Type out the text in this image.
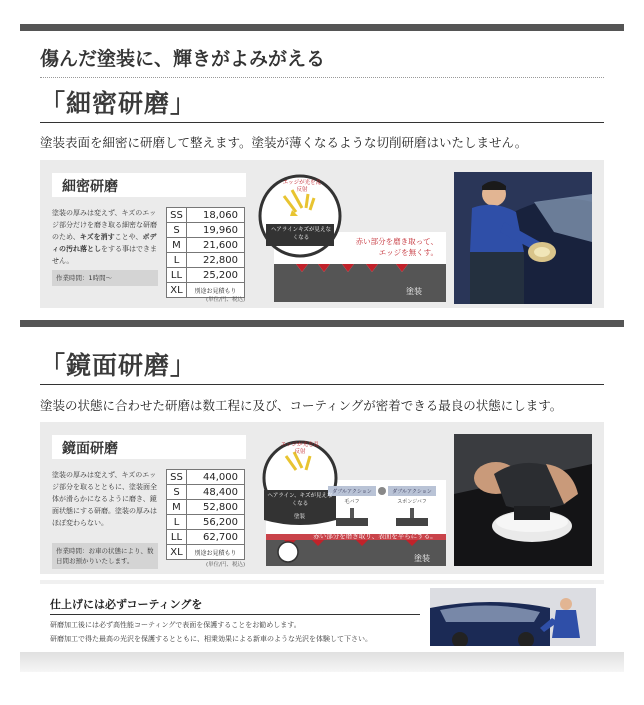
傷んだ塗装に、輝きがよみがえる
「細密研磨」
塗装表面を細密に研磨して整えます。塗装が薄くなるような切削研磨はいたしません。
細密研磨
塗装の厚みは変えず、キズのエッジ部分だけを磨き取る細密な研磨のため、キズを消すことや、ボディの汚れ落としをする事はできません。
作業時間：1時間〜
SS	18,060
S	19,960
M	21,600
L	22,800
LL	25,200
XL	別途お見積もり
(単位/円、税込)
エッジが光を乱反射
ヘアラインキズが見えなくなる	赤い部分を磨き取って、エッジを無くす。
塗装
「鏡面研磨」
塗装の状態に合わせた研磨は数工程に及び、コーティングが密着できる最良の状態にします。
鏡面研磨
塗装の厚みは変えず、キズのエッジ部分を取るとともに、塗装面全体が滑らかになるように磨き、鏡面状態にする研磨。塗装の厚みはほぼ変わらない。
作業時間：お車の状態により、数日間お預かりいたします。
SS	44,000
S	48,400
M	52,800
L	56,200
LL	62,700
XL	別途お見積もり
(単位/円、税込)
エッジが光を乱反射
ヘアライン、キズが見えなくなる
塗装
ダブルアクション
毛バフ
ダブルアクション
スポンジバフ
赤い部分を磨き取り、表面を平らにする。
塗装
仕上げには必ずコーティングを
研磨加工後には必ず高性能コーティングで表面を保護することをお勧めします。
研磨加工で得た最高の光沢を保護するとともに、相乗効果による新車のような光沢を体験して下さい。
